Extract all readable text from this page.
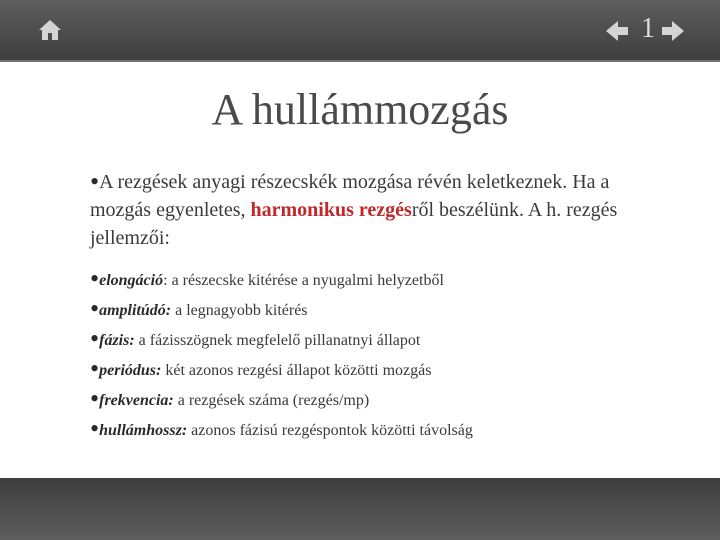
1
A hullámmozgás
•A rezgések anyagi részecskék mozgása révén keletkeznek. Ha a mozgás egyenletes, harmonikus rezgésről beszélünk. A h. rezgés jellemzői:
•elongáció: a részecske kitérése a nyugalmi helyzetből
•amplitúdó: a legnagyobb kitérés
•fázis: a fázisszögnek megfelelő pillanatnyi állapot
•periódus: két azonos rezgési állapot közötti mozgás
•frekvencia: a rezgések száma (rezgés/mp)
•hullámhossz: azonos fázisú rezgéspontok közötti távolság
